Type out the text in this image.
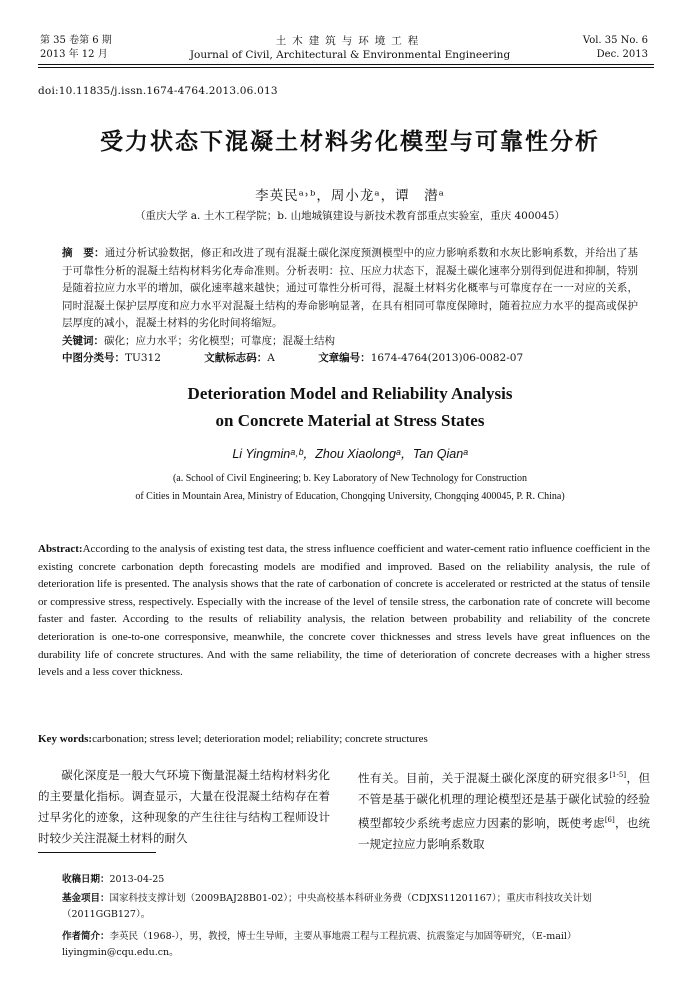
第 35 卷第 6 期
2013 年 12 月
土木建筑与环境工程
Journal of Civil, Architectural & Environmental Engineering
Vol. 35 No. 6
Dec. 2013
doi:10.11835/j.issn.1674-4764.2013.06.013
受力状态下混凝土材料劣化模型与可靠性分析
李英民ᵃ˒ᵇ，周小龙ᵃ，谭　潜ᵃ
（重庆大学 a. 土木工程学院；b. 山地城镇建设与新技术教育部重点实验室，重庆 400045）
摘　要：通过分析试验数据，修正和改进了现有混凝土碳化深度预测模型中的应力影响系数和水灰比影响系数，并给出了基于可靠性分析的混凝土结构材料劣化寿命准则。分析表明：拉、压应力状态下，混凝土碳化速率分别得到促进和抑制，特别是随着拉应力水平的增加，碳化速率越来越快；通过可靠性分析可得，混凝土材料劣化概率与可靠度存在一一对应的关系，同时混凝土保护层厚度和应力水平对混凝土结构的寿命影响显著，在具有相同可靠度保障时，随着拉应力水平的提高或保护层厚度的减小，混凝土材料的劣化时间将缩短。
关键词：碳化；应力水平；劣化模型；可靠度；混凝土结构
中图分类号：TU312	文献标志码：A	文章编号：1674-4764(2013)06-0082-07
Deterioration Model and Reliability Analysis
on Concrete Material at Stress States
Li Yingminᵃ˒ᵇ，Zhou Xiaolongᵃ，Tan Qianᵃ
(a. School of Civil Engineering; b. Key Laboratory of New Technology for Construction
of Cities in Mountain Area, Ministry of Education, Chongqing University, Chongqing 400045, P. R. China)
Abstract:According to the analysis of existing test data, the stress influence coefficient and water-cement ratio influence coefficient in the existing concrete carbonation depth forecasting models are modified and improved. Based on the reliability analysis, the rule of deterioration life is presented. The analysis shows that the rate of carbonation of concrete is accelerated or restricted at the status of tensile or compressive stress, respectively. Especially with the increase of the level of tensile stress, the carbonation rate of concrete will become faster and faster. According to the results of reliability analysis, the relation between probability and reliability of the concrete deterioration is one-to-one corresponsive, meanwhile, the concrete cover thicknesses and stress levels have great influences on the durability life of concrete structures. And with the same reliability, the time of deterioration of concrete decreases with a higher stress levels and a less cover thickness.
Key words:carbonation; stress level; deterioration model; reliability; concrete structures
碳化深度是一般大气环境下衡量混凝土结构材料劣化的主要量化指标。调查显示，大量在役混凝土结构存在着过早劣化的迹象，这种现象的产生往往与结构工程师设计时较少关注混凝土材料的耐久
性有关。目前，关于混凝土碳化深度的研究很多[1-5]，但不管是基于碳化机理的理论模型还是基于碳化试验的经验模型都较少系统考虑应力因素的影响，既使考虑[6]，也统一规定拉应力影响系数取
收稿日期：2013-04-25
基金项目：国家科技支撑计划（2009BAJ28B01-02）；中央高校基本科研业务费（CDJXS11201167）；重庆市科技攻关计划（2011GGB127）。
作者简介：李英民（1968-），男，教授，博士生导师，主要从事地震工程与工程抗震、抗震鉴定与加固等研究，（E-mail）liyingmin@cqu.edu.cn。
